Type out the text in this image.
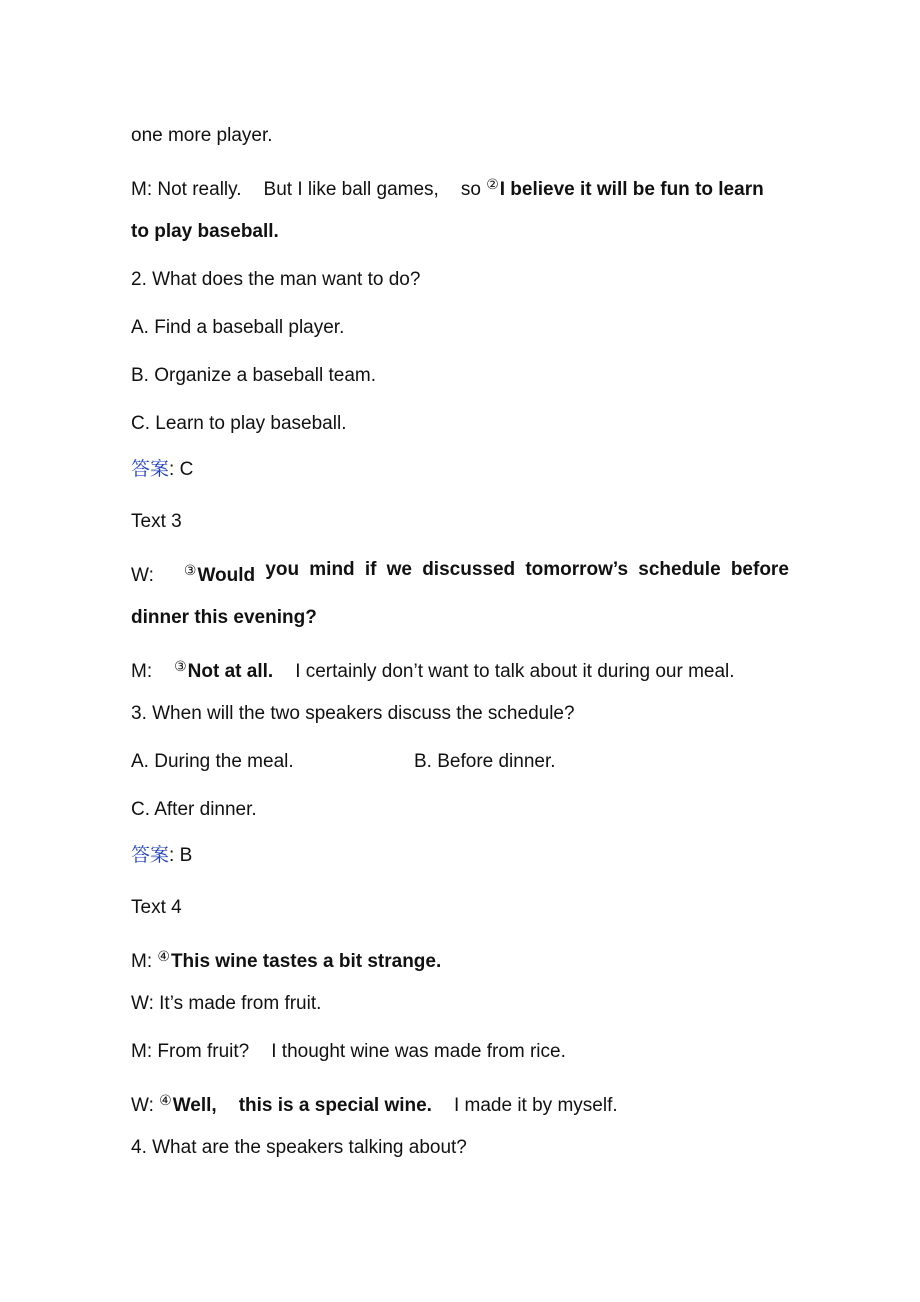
one more player.
M: Not really. But I like ball games, so ②I believe it will be fun to learn
to play baseball.
2. What does the man want to do?
A. Find a baseball player.
B. Organize a baseball team.
C. Learn to play baseball.
答案: C
Text 3
W: ③Would you mind if we discussed tomorrow’s schedule before
dinner this evening?
M: ③Not at all. I certainly don’t want to talk about it during our meal.
3. When will the two speakers discuss the schedule?
A. During the meal.	B. Before dinner.
C. After dinner.
答案: B
Text 4
M: ④This wine tastes a bit strange.
W: It’s made from fruit.
M: From fruit? I thought wine was made from rice.
W: ④Well, this is a special wine. I made it by myself.
4. What are the speakers talking about?
